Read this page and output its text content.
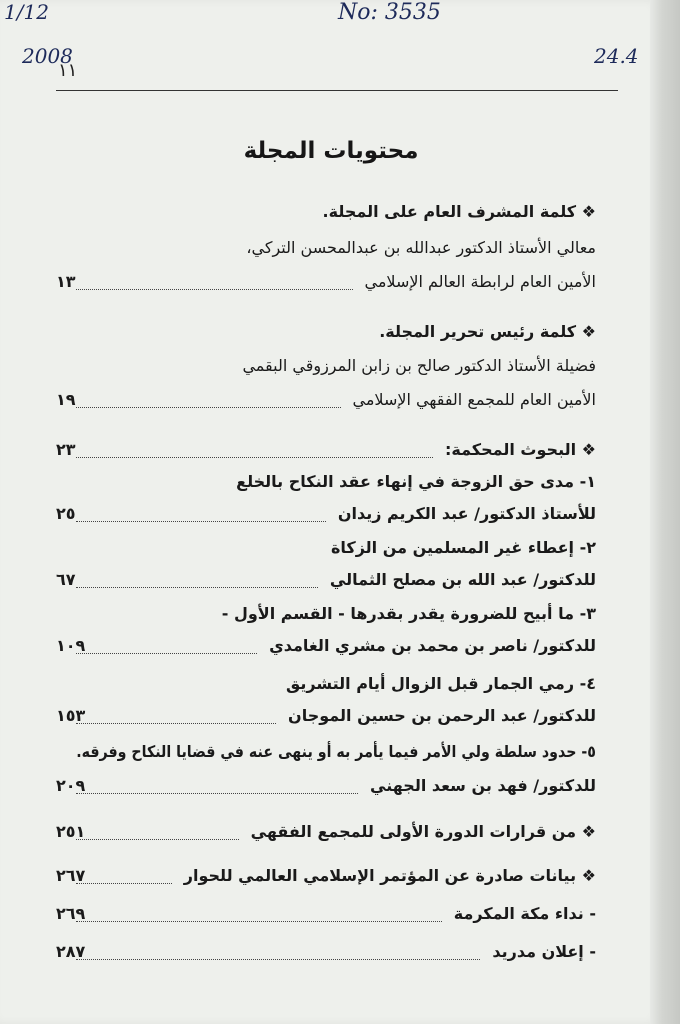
1/12
2008
No: 3535
24.4
١١
محتويات المجلة
❖ كلمة المشرف العام على المجلة.
معالي الأستاذ الدكتور عبدالله بن عبدالمحسن التركي،
الأمين العام لرابطة العالم الإسلامي
١٣
❖ كلمة رئيس تحرير المجلة.
فضيلة الأستاذ الدكتور صالح بن زابن المرزوقي البقمي
الأمين العام للمجمع الفقهي الإسلامي
١٩
❖ البحوث المحكمة:
٢٣
١- مدى حق الزوجة في إنهاء عقد النكاح بالخلع
للأستاذ الدكتور/ عبد الكريم زيدان
٢٥
٢- إعطاء غير المسلمين من الزكاة
للدكتور/ عبد الله بن مصلح الثمالي
٦٧
٣- ما أبيح للضرورة يقدر بقدرها - القسم الأول -
للدكتور/ ناصر بن محمد بن مشري الغامدي
١٠٩
٤- رمي الجمار قبل الزوال أيام التشريق
للدكتور/ عبد الرحمن بن حسين الموجان
١٥٣
٥- حدود سلطة ولي الأمر فيما يأمر به أو ينهى عنه في قضايا النكاح وفرقه.
للدكتور/ فهد بن سعد الجهني
٢٠٩
❖ من قرارات الدورة الأولى للمجمع الفقهي
٢٥١
❖ بيانات صادرة عن المؤتمر الإسلامي العالمي للحوار
٢٦٧
- نداء مكة المكرمة
٢٦٩
- إعلان مدريد
٢٨٧
